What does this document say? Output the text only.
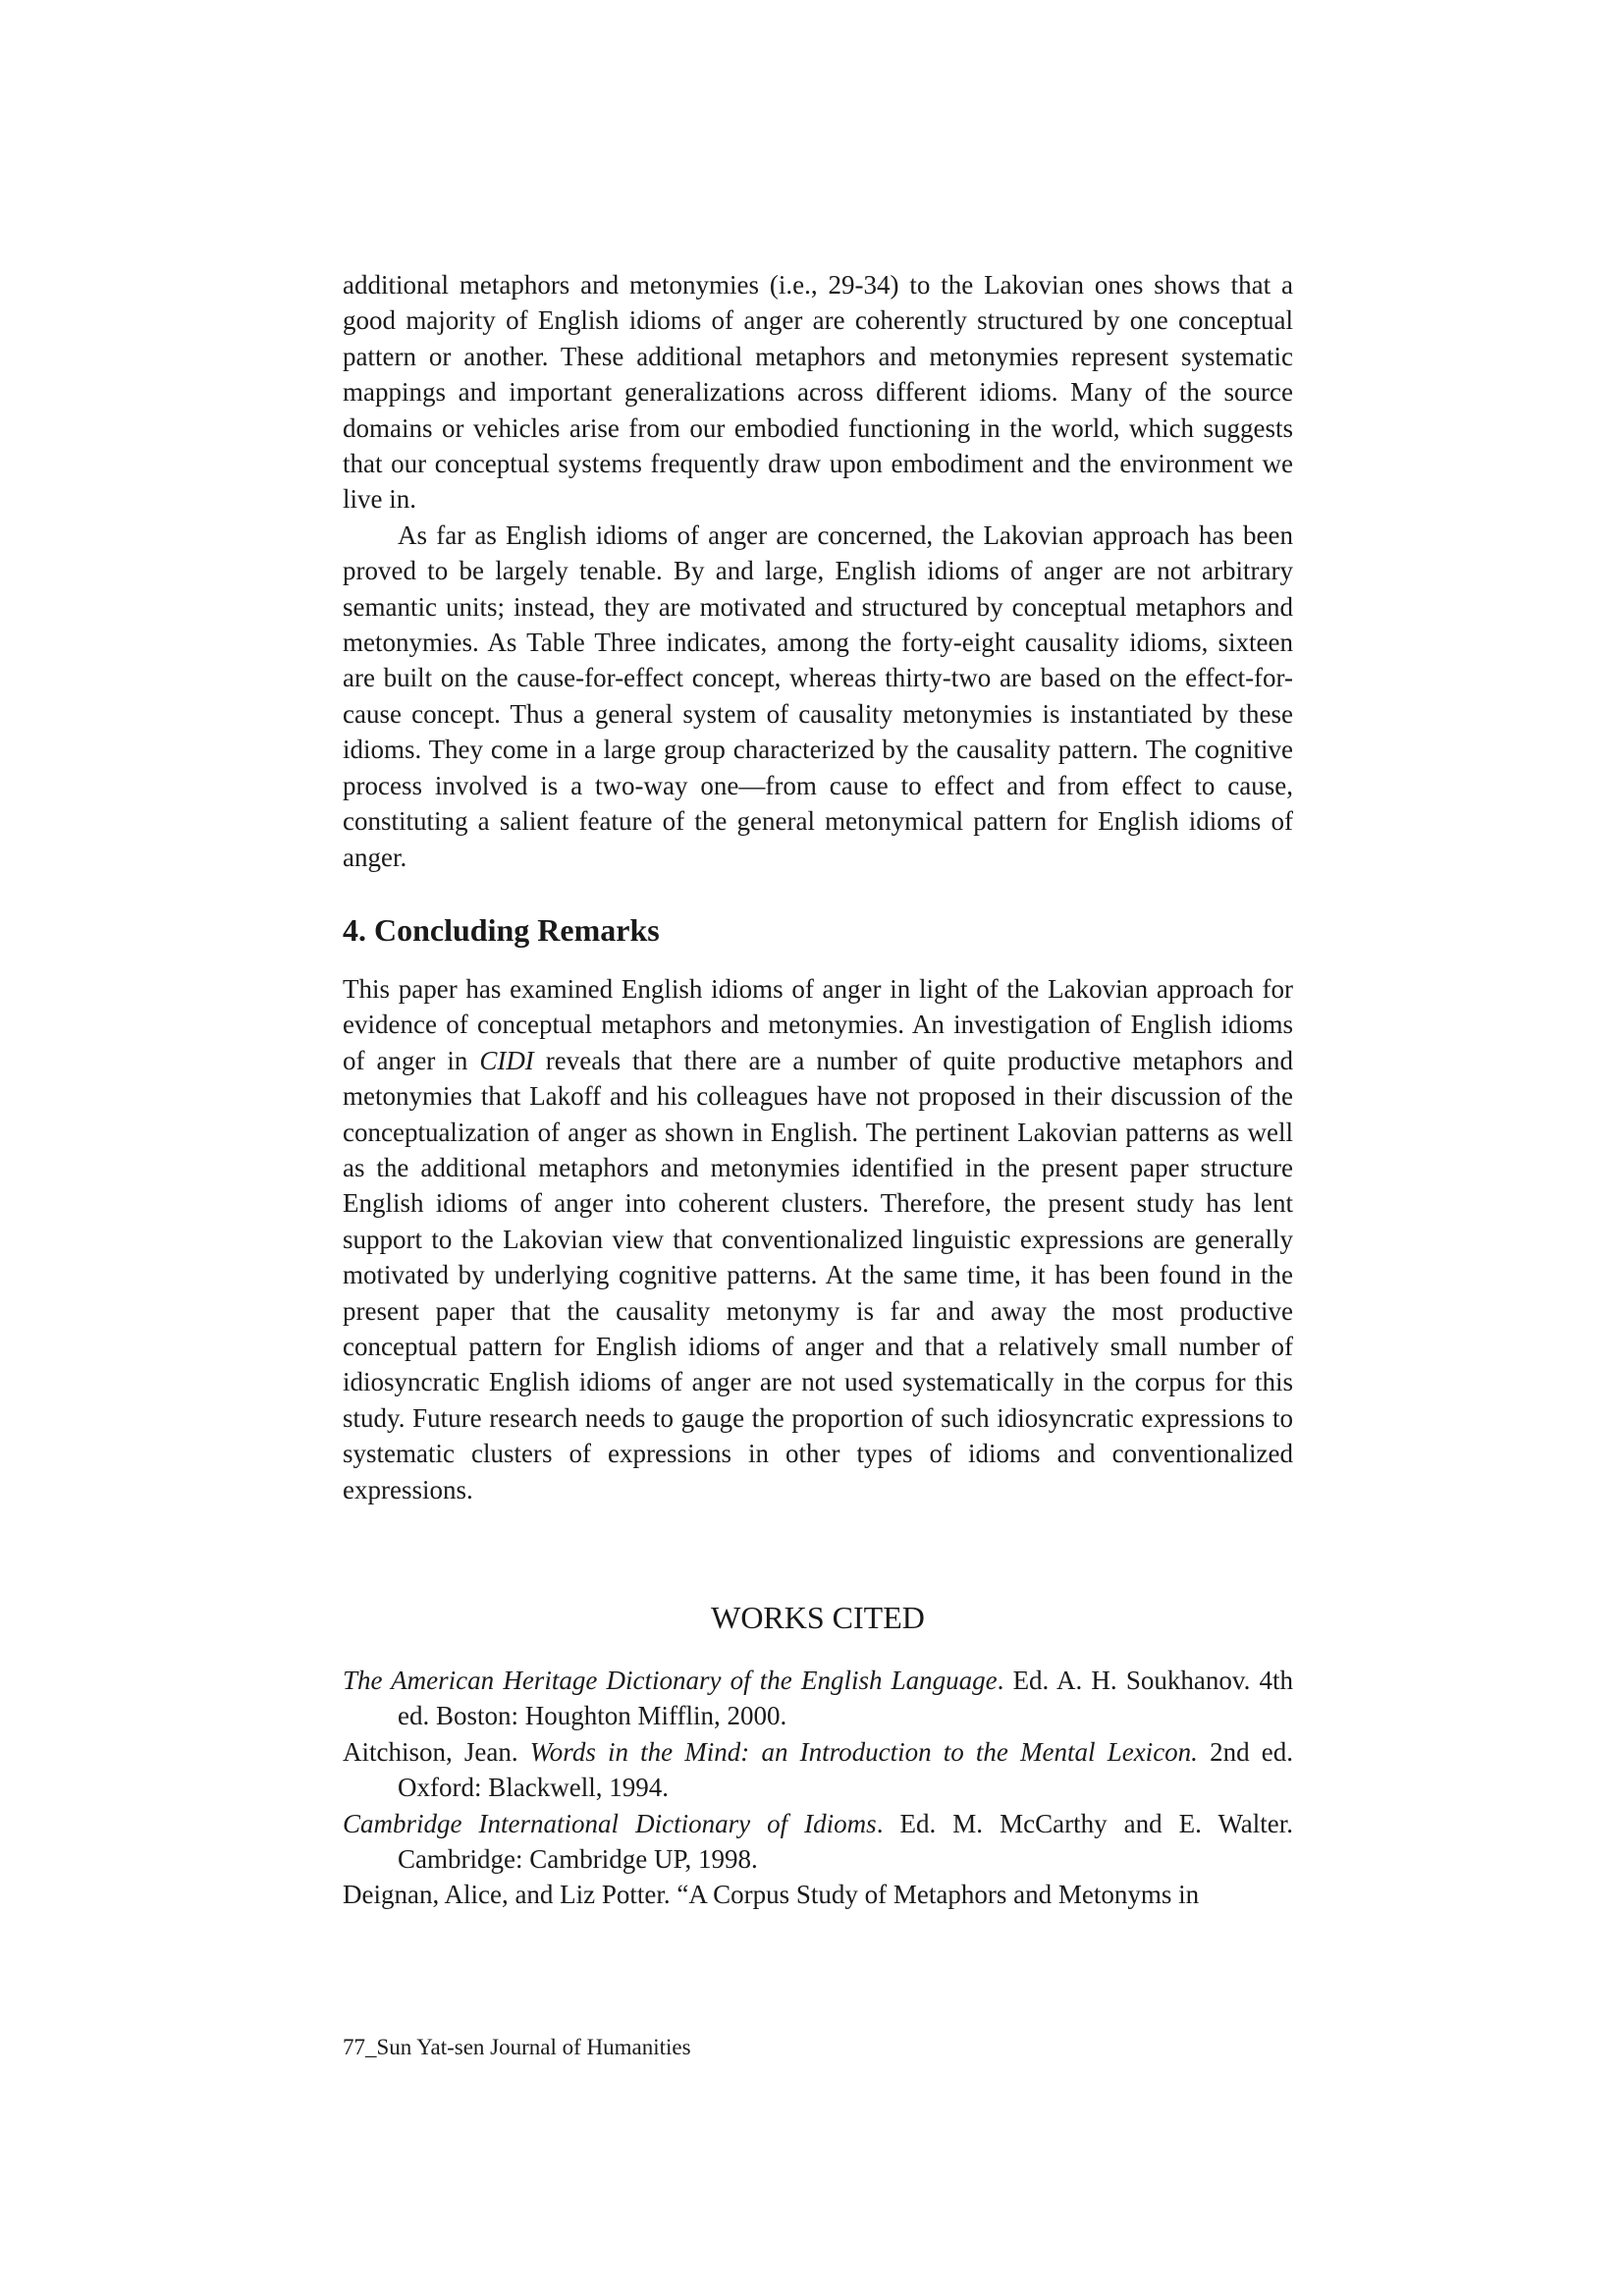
additional metaphors and metonymies (i.e., 29-34) to the Lakovian ones shows that a good majority of English idioms of anger are coherently structured by one conceptual pattern or another. These additional metaphors and metonymies represent systematic mappings and important generalizations across different idioms. Many of the source domains or vehicles arise from our embodied functioning in the world, which suggests that our conceptual systems frequently draw upon embodiment and the environment we live in.

As far as English idioms of anger are concerned, the Lakovian approach has been proved to be largely tenable. By and large, English idioms of anger are not arbitrary semantic units; instead, they are motivated and structured by conceptual metaphors and metonymies. As Table Three indicates, among the forty-eight causality idioms, sixteen are built on the cause-for-effect concept, whereas thirty-two are based on the effect-for-cause concept. Thus a general system of causality metonymies is instantiated by these idioms. They come in a large group characterized by the causality pattern. The cognitive process involved is a two-way one—from cause to effect and from effect to cause, constituting a salient feature of the general metonymical pattern for English idioms of anger.

4. Concluding Remarks

This paper has examined English idioms of anger in light of the Lakovian approach for evidence of conceptual metaphors and metonymies. An investigation of English idioms of anger in CIDI reveals that there are a number of quite productive metaphors and metonymies that Lakoff and his colleagues have not proposed in their discussion of the conceptualization of anger as shown in English. The pertinent Lakovian patterns as well as the additional metaphors and metonymies identified in the present paper structure English idioms of anger into coherent clusters. Therefore, the present study has lent support to the Lakovian view that conventionalized linguistic expressions are generally motivated by underlying cognitive patterns. At the same time, it has been found in the present paper that the causality metonymy is far and away the most productive conceptual pattern for English idioms of anger and that a relatively small number of idiosyncratic English idioms of anger are not used systematically in the corpus for this study. Future research needs to gauge the proportion of such idiosyncratic expressions to systematic clusters of expressions in other types of idioms and conventionalized expressions.

WORKS CITED

The American Heritage Dictionary of the English Language. Ed. A. H. Soukhanov. 4th ed. Boston: Houghton Mifflin, 2000.

Aitchison, Jean. Words in the Mind: an Introduction to the Mental Lexicon. 2nd ed. Oxford: Blackwell, 1994.

Cambridge International Dictionary of Idioms. Ed. M. McCarthy and E. Walter. Cambridge: Cambridge UP, 1998.

Deignan, Alice, and Liz Potter. “A Corpus Study of Metaphors and Metonyms in

77_Sun Yat-sen Journal of Humanities
